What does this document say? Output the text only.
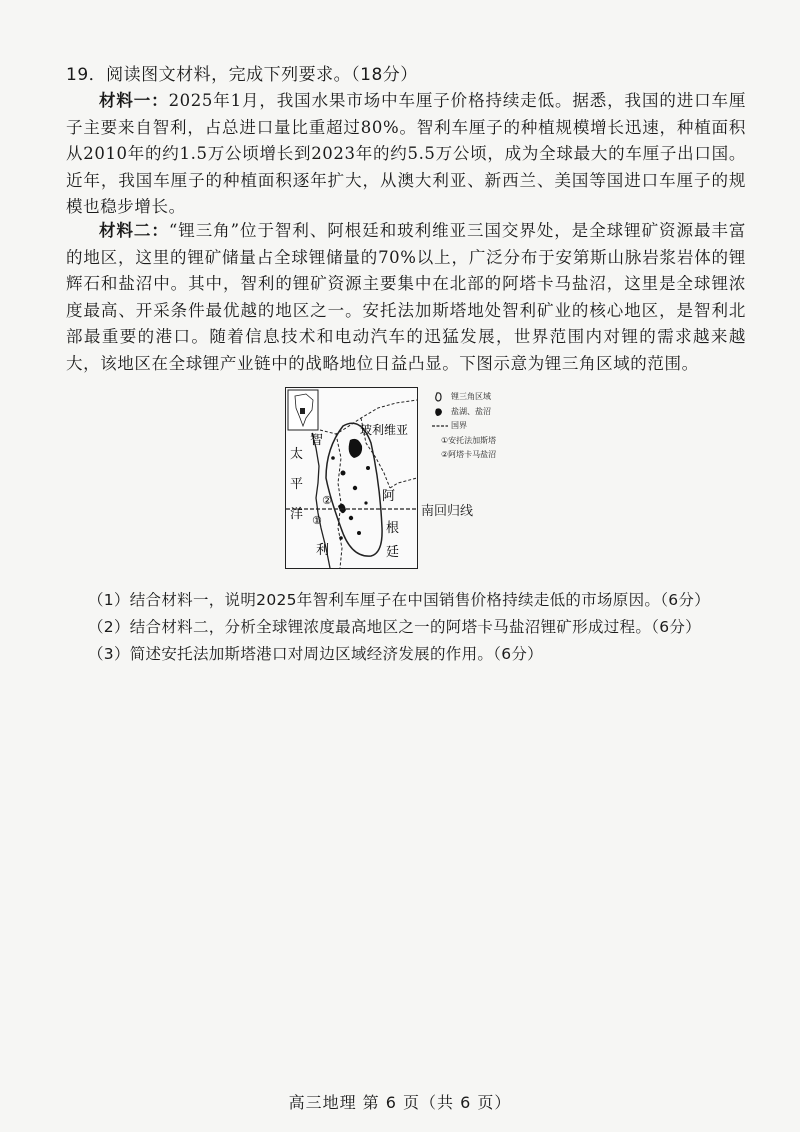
19．阅读图文材料，完成下列要求。（18分）
材料一：2025年1月，我国水果市场中车厘子价格持续走低。据悉，我国的进口车厘子主要来自智利，占总进口量比重超过80%。智利车厘子的种植规模增长迅速，种植面积从2010年的约1.5万公顷增长到2023年的约5.5万公顷，成为全球最大的车厘子出口国。近年，我国车厘子的种植面积逐年扩大，从澳大利亚、新西兰、美国等国进口车厘子的规模也稳步增长。
材料二：“锂三角”位于智利、阿根廷和玻利维亚三国交界处，是全球锂矿资源最丰富的地区，这里的锂矿储量占全球锂储量的70%以上，广泛分布于安第斯山脉岩浆岩体的锂辉石和盐沼中。其中，智利的锂矿资源主要集中在北部的阿塔卡马盐沼，这里是全球锂浓度最高、开采条件最优越的地区之一。安托法加斯塔地处智利矿业的核心地区，是智利北部最重要的港口。随着信息技术和电动汽车的迅猛发展，世界范围内对锂的需求越来越大，该地区在全球锂产业链中的战略地位日益凸显。下图示意为锂三角区域的范围。
智
玻利维亚
太
平
洋
阿
根
廷
②
①
利
南回归线
锂三角区域
盐湖、盐沼
国界
①安托法加斯塔
②阿塔卡马盐沼
（1）结合材料一，说明2025年智利车厘子在中国销售价格持续走低的市场原因。（6分）
（2）结合材料二，分析全球锂浓度最高地区之一的阿塔卡马盐沼锂矿形成过程。（6分）
（3）简述安托法加斯塔港口对周边区域经济发展的作用。（6分）
高三地理 第 6 页（共 6 页）
